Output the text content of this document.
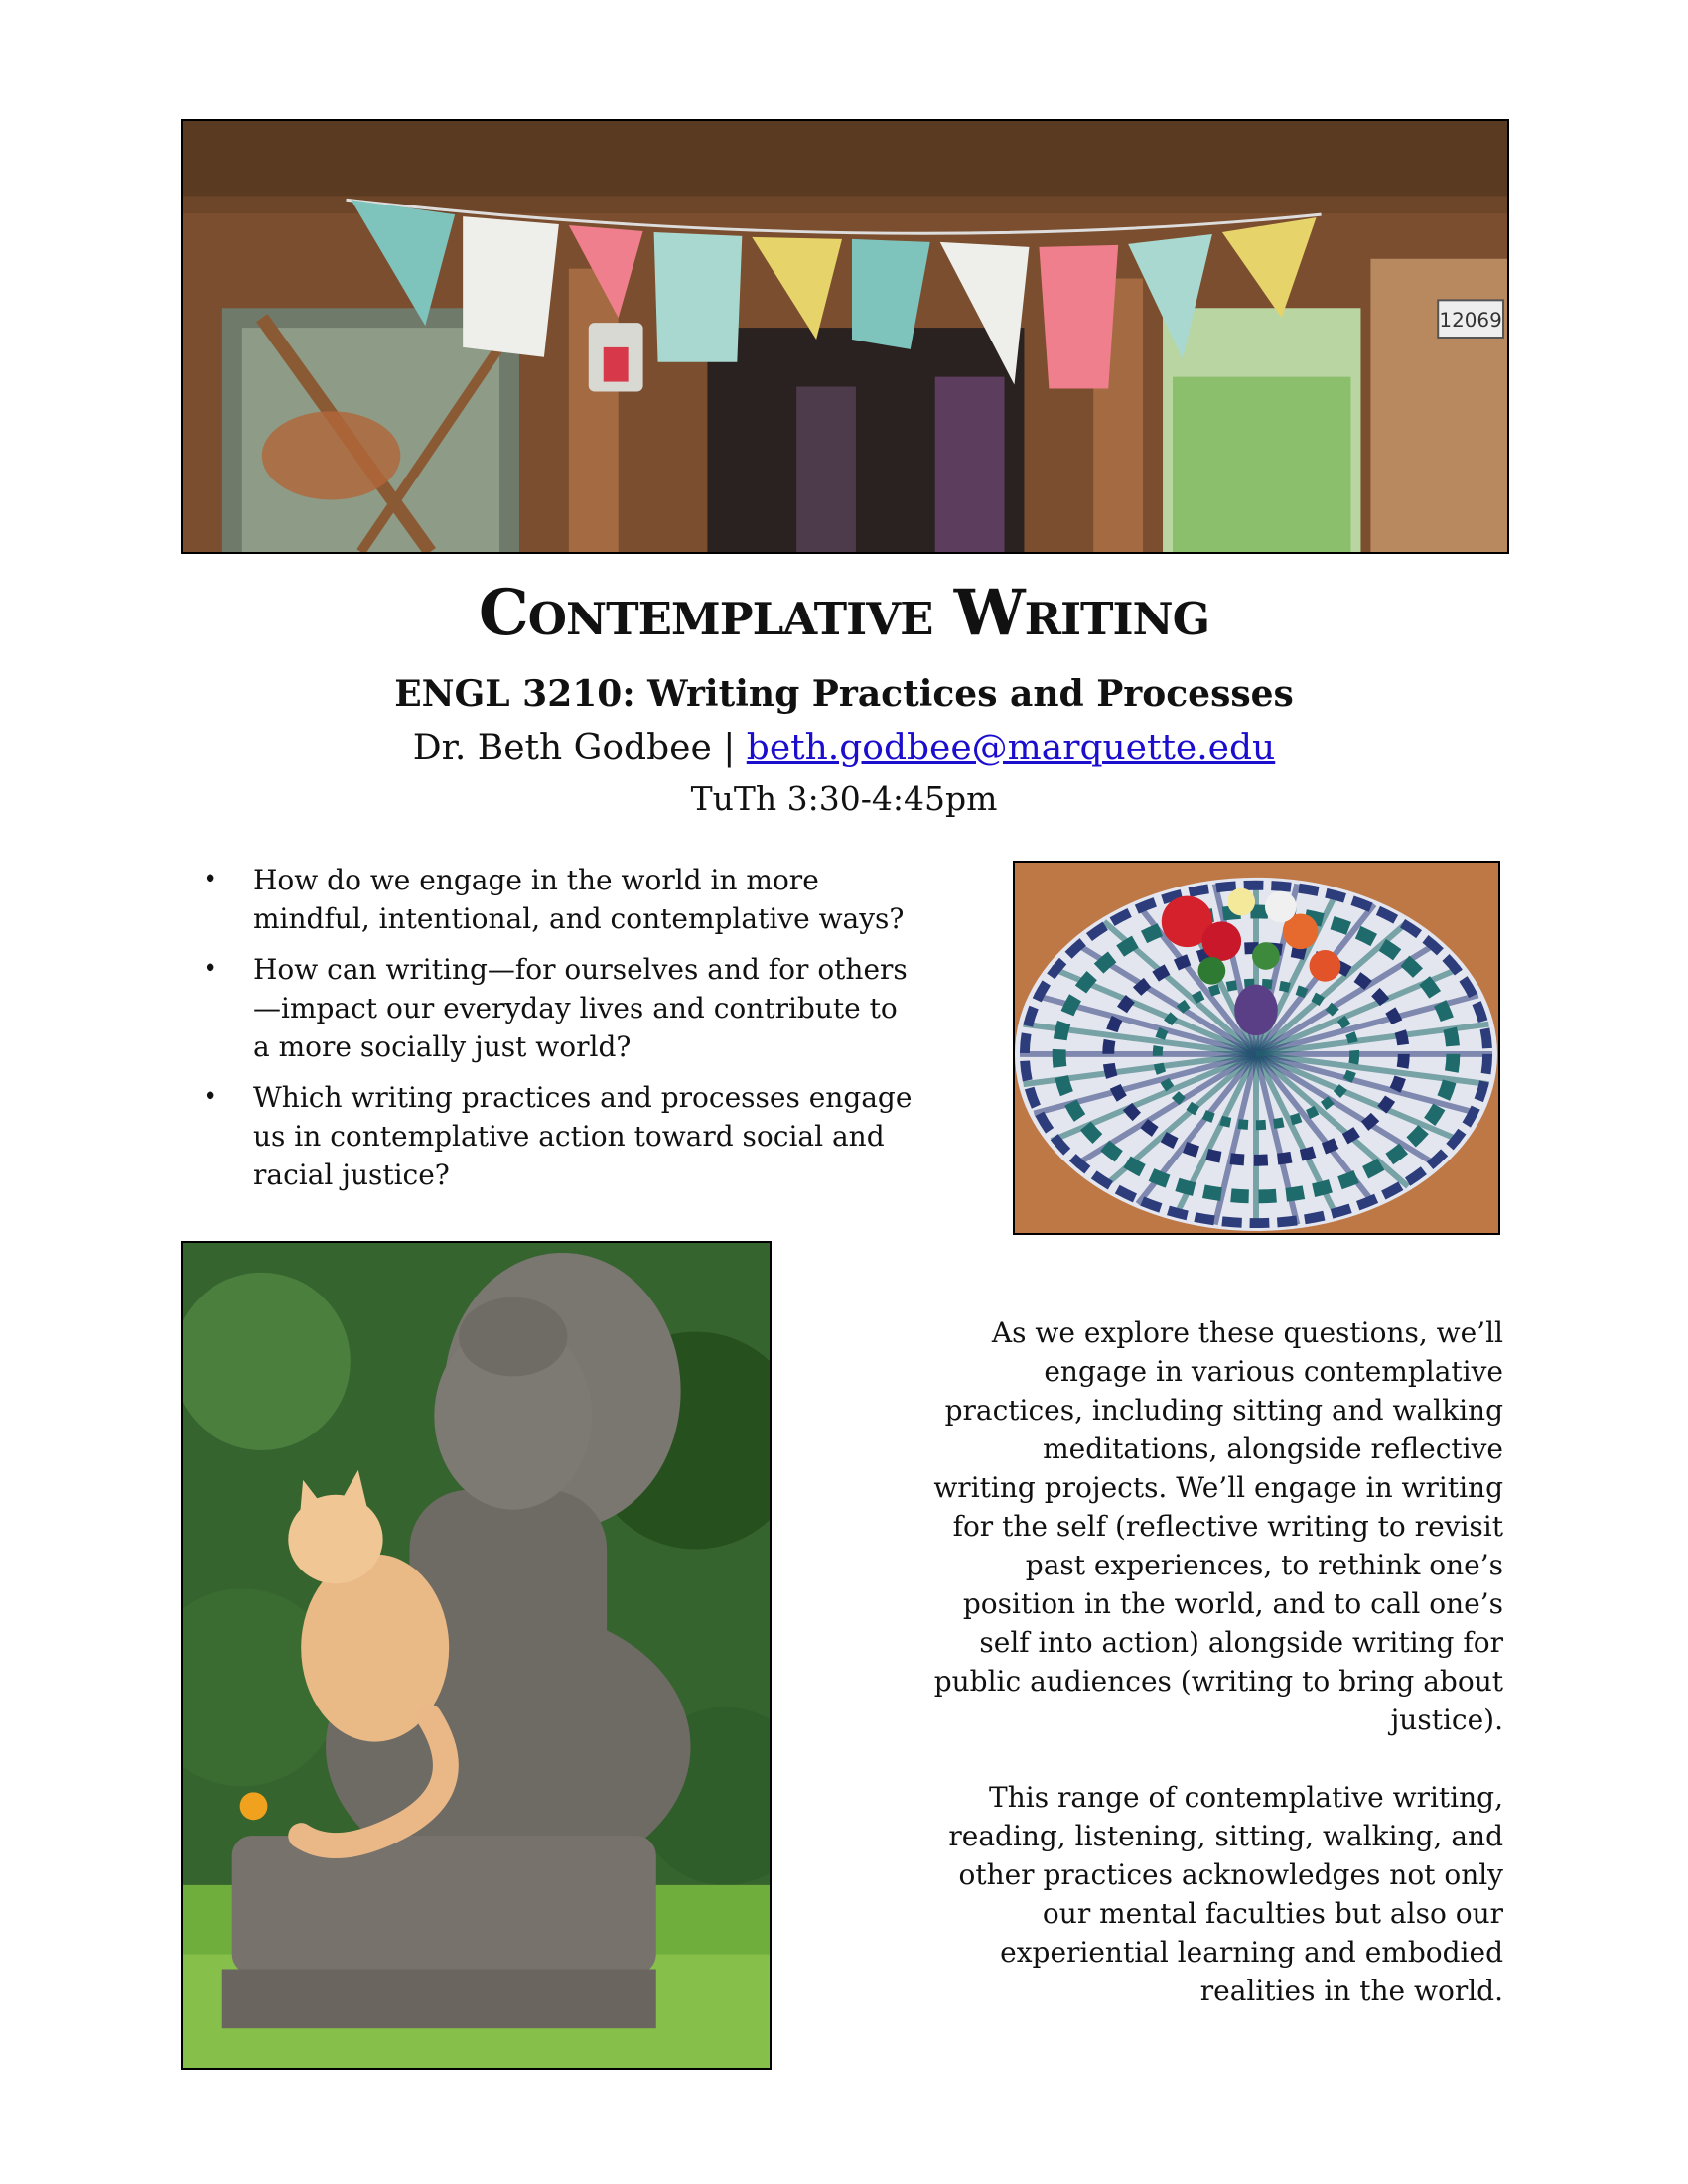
12069
Contemplative Writing
ENGL 3210: Writing Practices and Processes
Dr. Beth Godbee | beth.godbee@marquette.edu
TuTh 3:30-4:45pm
• How do we engage in the world in more mindful, intentional, and contemplative ways?
• How can writing—for ourselves and for others—impact our everyday lives and contribute to a more socially just world?
• Which writing practices and processes engage us in contemplative action toward social and racial justice?

As we explore these questions, we’ll engage in various contemplative practices, including sitting and walking meditations, alongside reflective writing projects. We’ll engage in writing for the self (reflective writing to revisit past experiences, to rethink one’s position in the world, and to call one’s self into action) alongside writing for public audiences (writing to bring about justice).

This range of contemplative writing, reading, listening, sitting, walking, and other practices acknowledges not only our mental faculties but also our experiential learning and embodied realities in the world.
